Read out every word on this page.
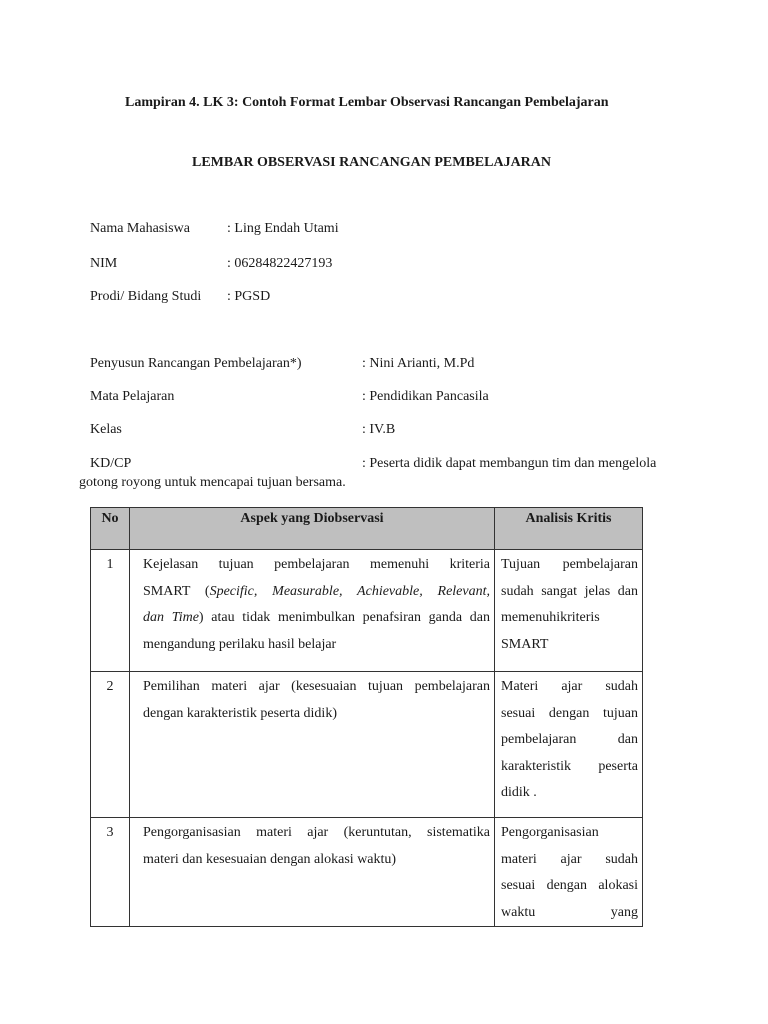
Lampiran 4. LK 3: Contoh Format Lembar Observasi Rancangan Pembelajaran
LEMBAR OBSERVASI RANCANGAN PEMBELAJARAN
Nama Mahasiswa	: Ling Endah Utami
NIM	: 06284822427193
Prodi/ Bidang Studi : PGSD
Penyusun Rancangan Pembelajaran*)	: Nini Arianti, M.Pd
Mata Pelajaran	: Pendidikan Pancasila
Kelas	: IV.B
KD/CP	: Peserta didik dapat membangun tim dan mengelola
gotong royong untuk mencapai tujuan bersama.
No	Aspek yang Diobservasi	Analisis Kritis
1	Kejelasan tujuan pembelajaran memenuhi kriteria
SMART (Specific, Measurable, Achievable, Relevant,
dan Time) atau tidak menimbulkan penafsiran ganda dan
mengandung perilaku hasil belajar	Tujuan pembelajaran
sudah sangat jelas dan
memenuhikriteris
SMART

2	Pemilihan materi ajar (kesesuaian tujuan pembelajaran
dengan karakteristik peserta didik)	Materi ajar sudah
sesuai dengan tujuan
pembelajaran dan
karakteristik peserta
didik .

3	Pengorganisasian materi ajar (keruntutan, sistematika
materi dan kesesuaian dengan alokasi waktu)	Pengorganisasian
materi ajar sudah
sesuai dengan alokasi
waktu yang
